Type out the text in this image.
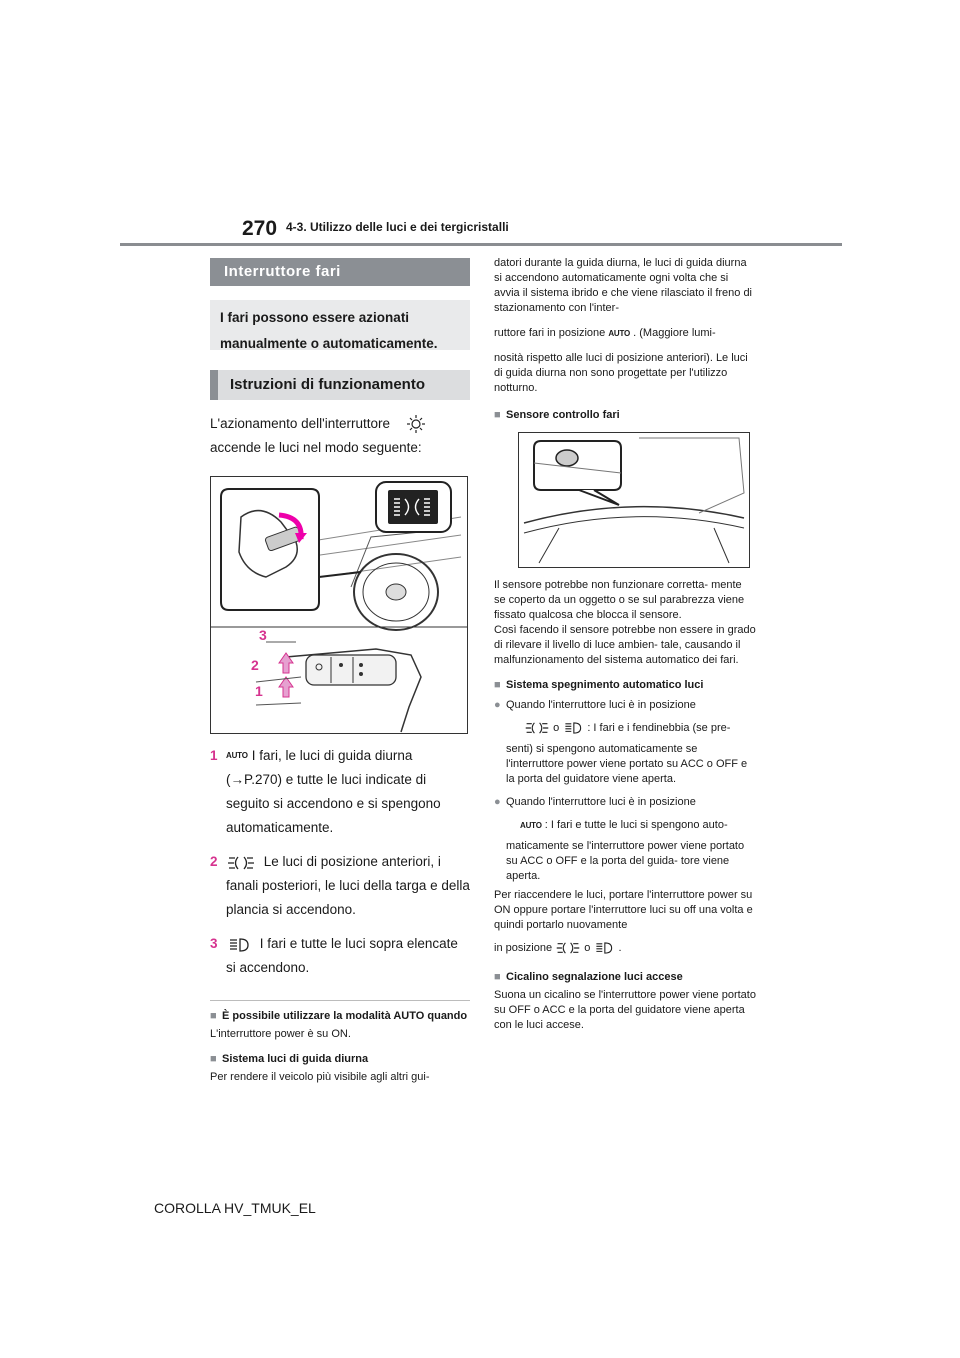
270 4-3. Utilizzo delle luci e dei tergicristalli
Interruttore fari
I fari possono essere azionati manualmente o automaticamente.
Istruzioni di funzionamento
L'azionamento dell'interruttore
accende le luci nel modo seguente:
3
2
1
1	AUTO I fari, le luci di guida diurna (→P.270) e tutte le luci indicate di seguito si accendono e si spengono automaticamente.
2	Le luci di posizione anteriori, i fanali posteriori, le luci della targa e della plancia si accendono.
3	I fari e tutte le luci sopra elencate si accendono.
■ È possibile utilizzare la modalità AUTO quando
L'interruttore power è su ON.
■ Sistema luci di guida diurna
Per rendere il veicolo più visibile agli altri gui-
datori durante la guida diurna, le luci di guida diurna si accendono automaticamente ogni volta che si avvia il sistema ibrido e che viene rilasciato il freno di stazionamento con l'inter-
ruttore fari in posizione AUTO . (Maggiore lumi-
nosità rispetto alle luci di posizione anteriori). Le luci di guida diurna non sono progettate per l'utilizzo notturno.
■ Sensore controllo fari
Il sensore potrebbe non funzionare corretta- mente se coperto da un oggetto o se sul parabrezza viene fissato qualcosa che blocca il sensore.
Così facendo il sensore potrebbe non essere in grado di rilevare il livello di luce ambien- tale, causando il malfunzionamento del sistema automatico dei fari.
■ Sistema spegnimento automatico luci
● Quando l'interruttore luci è in posizione
o	: I fari e i fendinebbia (se pre-
senti) si spengono automaticamente se l'interruttore power viene portato su ACC o OFF e la porta del guidatore viene aperta.
● Quando l'interruttore luci è in posizione
AUTO : I fari e tutte le luci si spengono auto-
maticamente se l'interruttore power viene portato su ACC o OFF e la porta del guida- tore viene aperta.
Per riaccendere le luci, portare l'interruttore power su ON oppure portare l'interruttore luci su off una volta e quindi portarlo nuovamente
in posizione	o	.
■ Cicalino segnalazione luci accese
Suona un cicalino se l'interruttore power viene portato su OFF o ACC e la porta del guidatore viene aperta con le luci accese.
COROLLA HV_TMUK_EL
